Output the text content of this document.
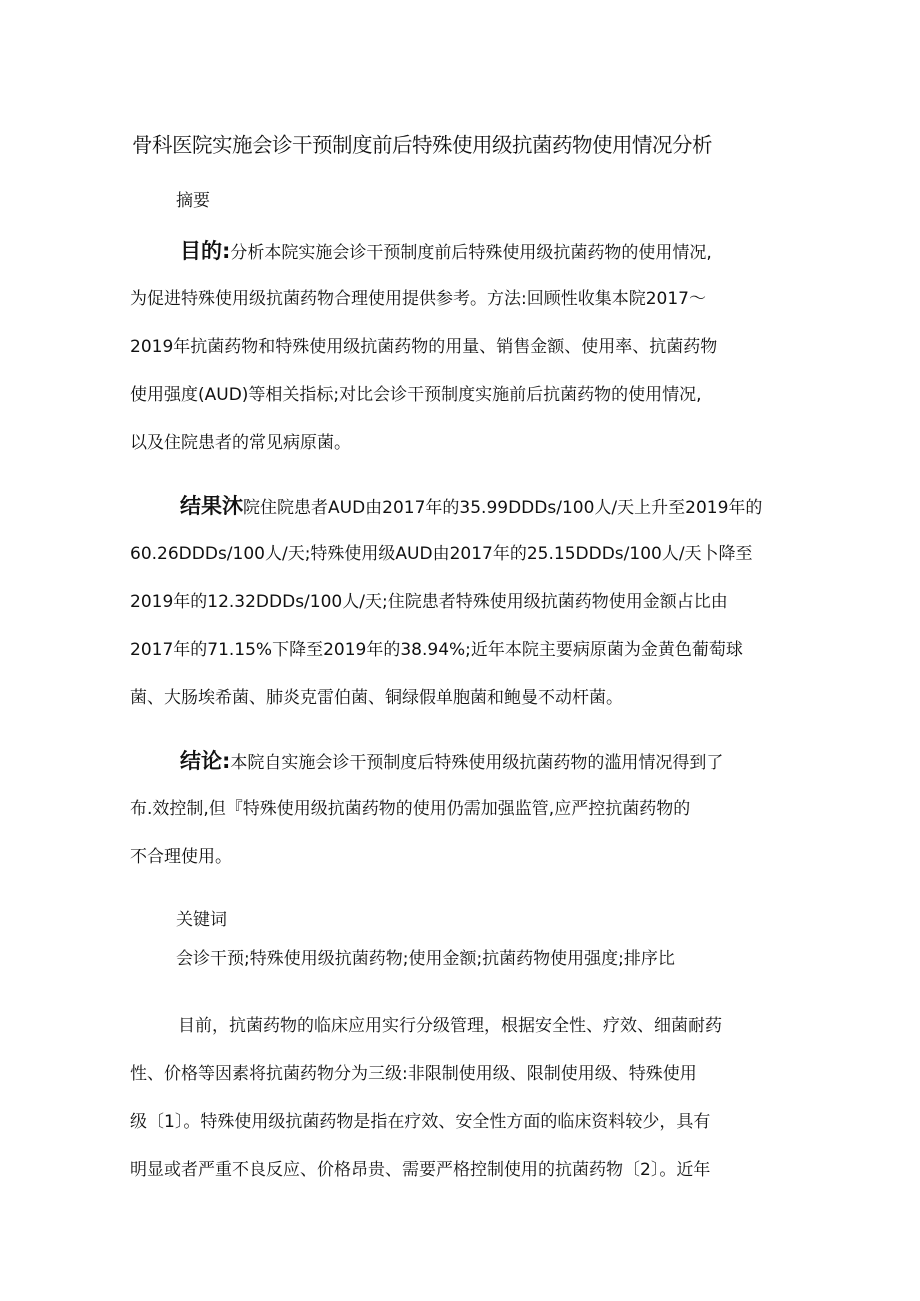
骨科医院实施会诊干预制度前后特殊使用级抗菌药物使用情况分析
摘要
目的:分析本院实施会诊干预制度前后特殊使用级抗菌药物的使用情况,
为促进特殊使用级抗菌药物合理使用提供参考。方法:回顾性收集本院2017～
2019年抗菌药物和特殊使用级抗菌药物的用量、销售金额、使用率、抗菌药物
使用强度(AUD)等相关指标;对比会诊干预制度实施前后抗菌药物的使用情况,
以及住院患者的常见病原菌。
结果沐院住院患者AUD由2017年的35.99DDDs/100人/天上升至2019年的
60.26DDDs/100人/天;特殊使用级AUD由2017年的25.15DDDs/100人/天卜降至
2019年的12.32DDDs/100人/天;住院患者特殊使用级抗菌药物使用金额占比由
2017年的71.15%下降至2019年的38.94%;近年本院主要病原菌为金黄色葡萄球
菌、大肠埃希菌、肺炎克雷伯菌、铜绿假单胞菌和鲍曼不动杆菌。
结论:本院自实施会诊干预制度后特殊使用级抗菌药物的滥用情况得到了
布.效控制,但『特殊使用级抗菌药物的使用仍需加强监管,应严控抗菌药物的
不合理使用。
关键词
会诊干预;特殊使用级抗菌药物;使用金额;抗菌药物使用强度;排序比
目前，抗菌药物的临床应用实行分级管理，根据安全性、疗效、细菌耐药
性、价格等因素将抗菌药物分为三级:非限制使用级、限制使用级、特殊使用
级〔1〕。特殊使用级抗菌药物是指在疗效、安全性方面的临床资料较少，具有
明显或者严重不良反应、价格昂贵、需要严格控制使用的抗菌药物〔2〕。近年
